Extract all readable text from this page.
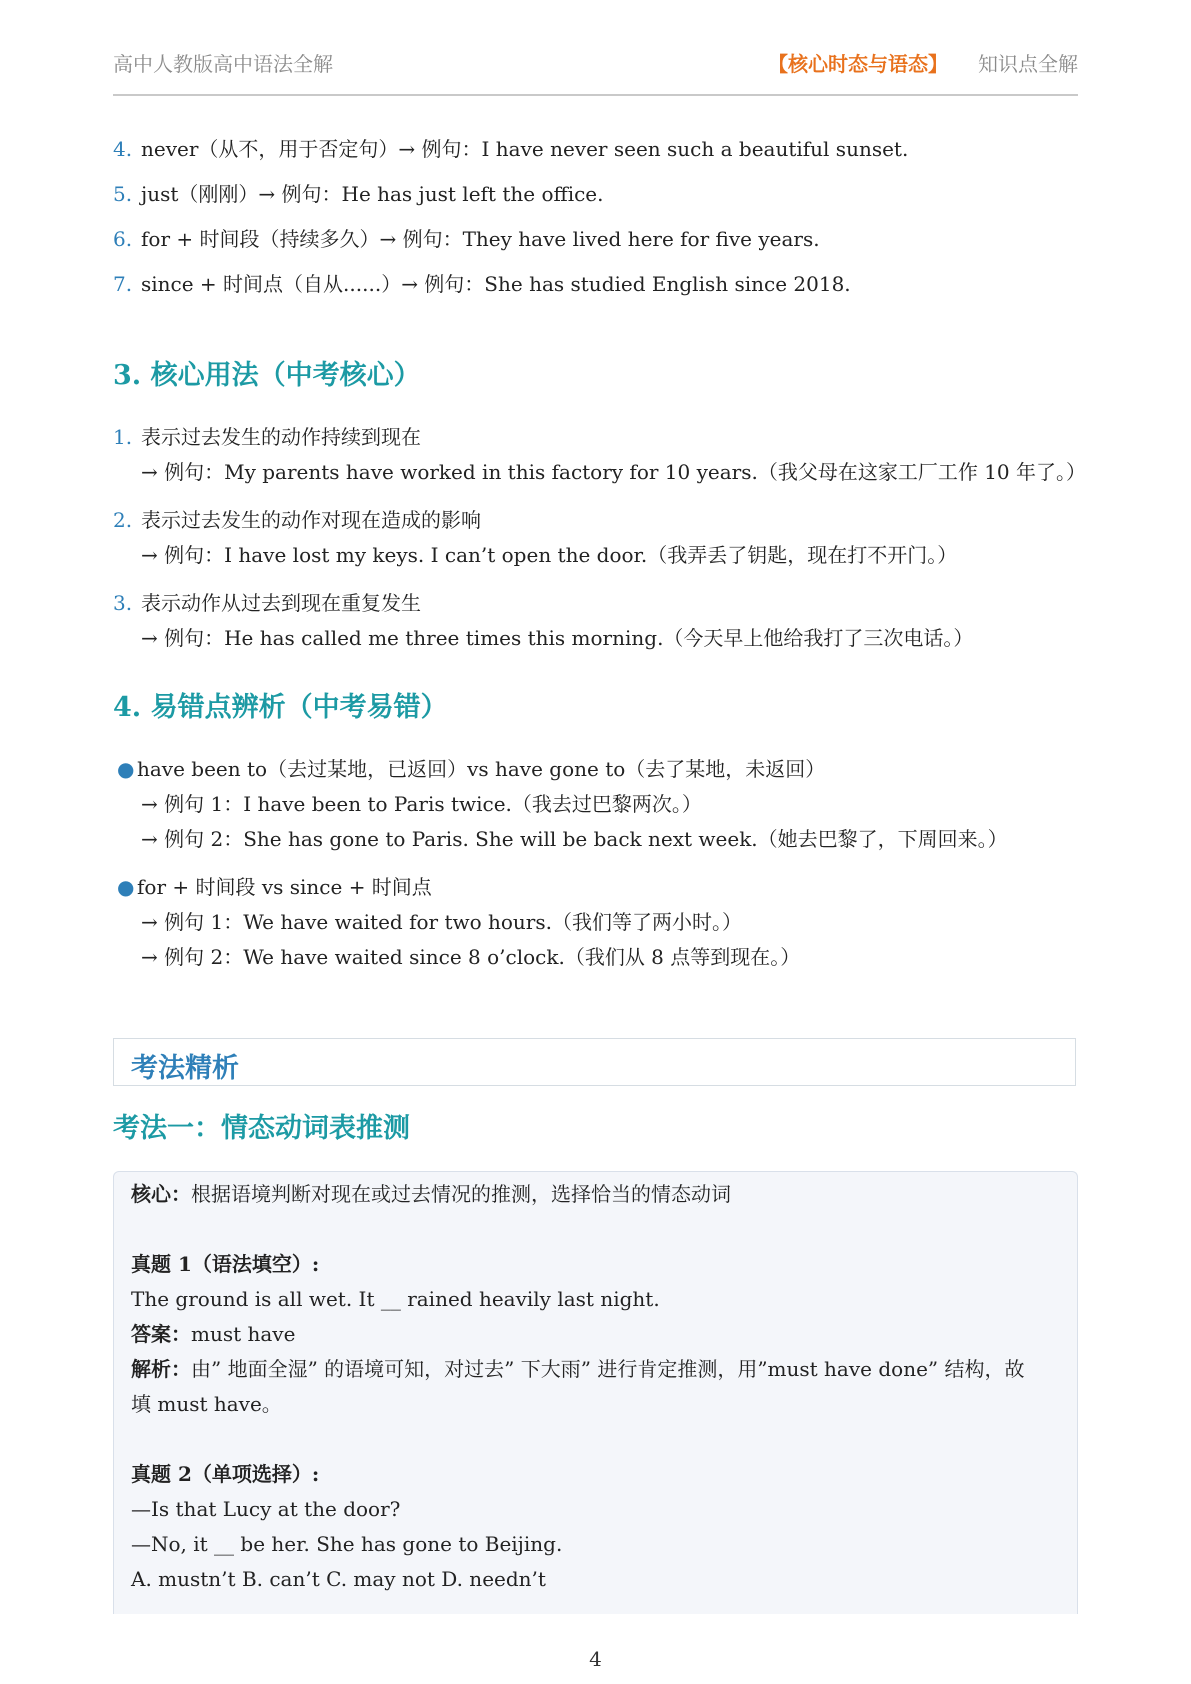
高中人教版高中语法全解	【核心时态与语态】 知识点全解
4. never（从不，用于否定句）→ 例句：I have never seen such a beautiful sunset.
5. just（刚刚）→ 例句：He has just left the office.
6. for + 时间段（持续多久）→ 例句：They have lived here for five years.
7. since + 时间点（自从......）→ 例句：She has studied English since 2018.
3. 核心用法（中考核心）
1. 表示过去发生的动作持续到现在
→ 例句：My parents have worked in this factory for 10 years.（我父母在这家工厂工作 10 年了。）
2. 表示过去发生的动作对现在造成的影响
→ 例句：I have lost my keys. I can’t open the door.（我弄丢了钥匙，现在打不开门。）
3. 表示动作从过去到现在重复发生
→ 例句：He has called me three times this morning.（今天早上他给我打了三次电话。）
4. 易错点辨析（中考易错）
● have been to（去过某地，已返回）vs have gone to（去了某地，未返回）
→ 例句 1：I have been to Paris twice.（我去过巴黎两次。）
→ 例句 2：She has gone to Paris. She will be back next week.（她去巴黎了，下周回来。）
● for + 时间段 vs since + 时间点
→ 例句 1：We have waited for two hours.（我们等了两小时。）
→ 例句 2：We have waited since 8 o’clock.（我们从 8 点等到现在。）
考法精析
考法一：情态动词表推测
核心：根据语境判断对现在或过去情况的推测，选择恰当的情态动词
真题 1（语法填空）:
The ground is all wet. It __ rained heavily last night.
答案：must have
解析：由” 地面全湿” 的语境可知，对过去” 下大雨” 进行肯定推测，用”must have done” 结构，故
填 must have。
真题 2（单项选择）:
—Is that Lucy at the door?
—No, it __ be her. She has gone to Beijing.
A. mustn’t B. can’t C. may not D. needn’t
4
